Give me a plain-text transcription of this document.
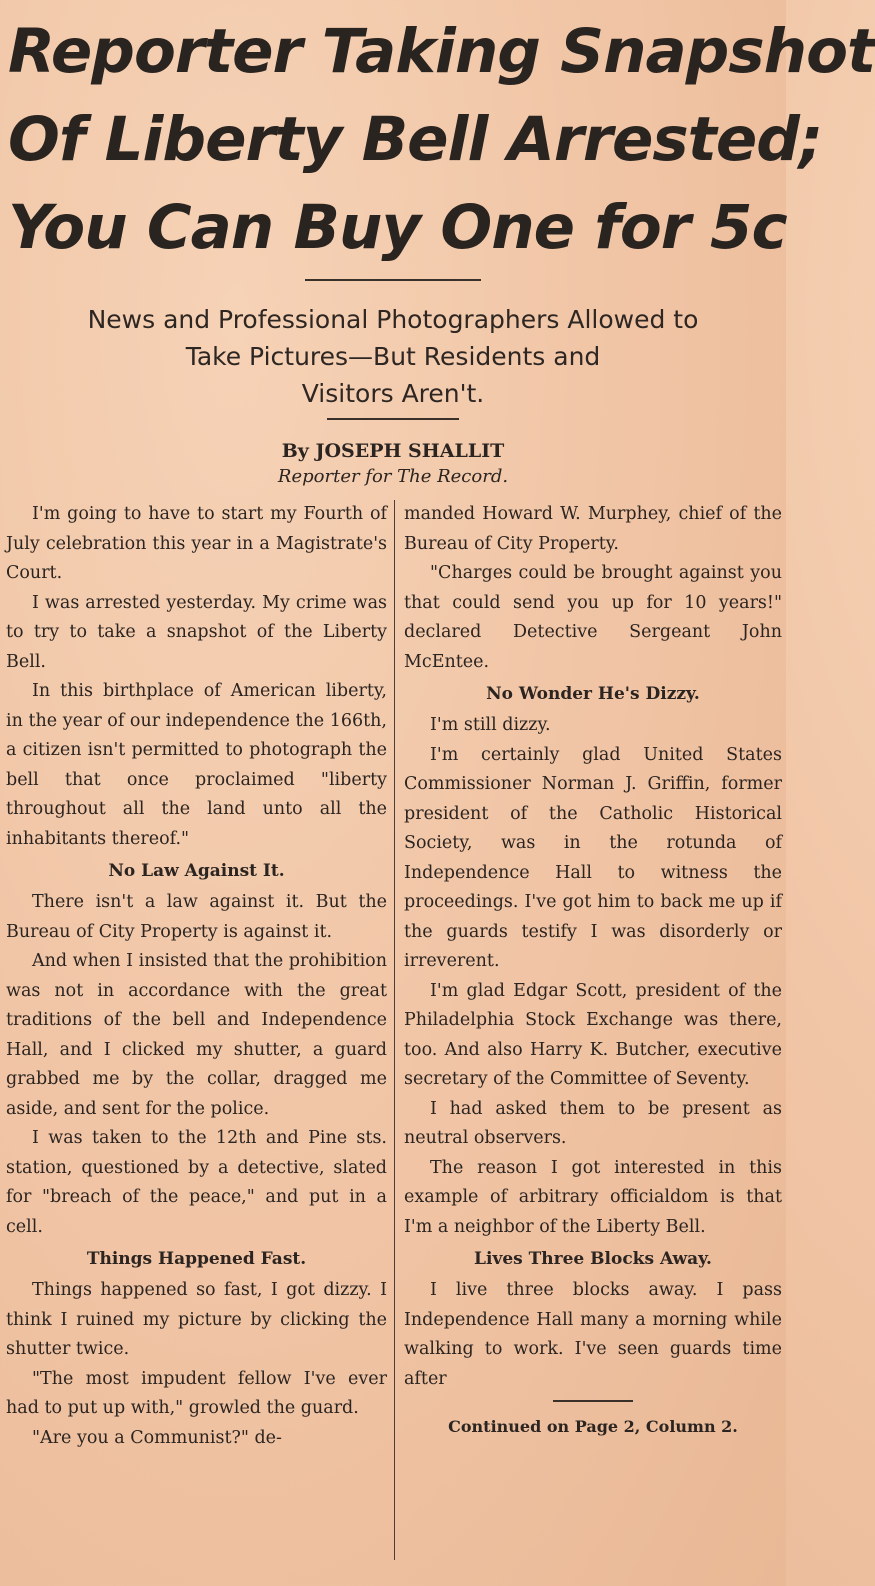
Reporter Taking Snapshot
Of Liberty Bell Arrested;
You Can Buy One for 5c
News and Professional Photographers Allowed to
Take Pictures—But Residents and
Visitors Aren't.
By JOSEPH SHALLIT
Reporter for The Record.

I'm going to have to start my Fourth of July celebration this year in a Magistrate's Court.

I was arrested yesterday. My crime was to try to take a snapshot of the Liberty Bell.

In this birthplace of American liberty, in the year of our independence the 166th, a citizen isn't permitted to photograph the bell that once proclaimed "liberty throughout all the land unto all the inhabitants thereof."

No Law Against It.

There isn't a law against it. But the Bureau of City Property is against it.

And when I insisted that the prohibition was not in accordance with the great traditions of the bell and Independence Hall, and I clicked my shutter, a guard grabbed me by the collar, dragged me aside, and sent for the police.

I was taken to the 12th and Pine sts. station, questioned by a detective, slated for "breach of the peace," and put in a cell.

Things Happened Fast.

Things happened so fast, I got dizzy. I think I ruined my picture by clicking the shutter twice.

"The most impudent fellow I've ever had to put up with," growled the guard.

"Are you a Communist?" de-

manded Howard W. Murphey, chief of the Bureau of City Property.

"Charges could be brought against you that could send you up for 10 years!" declared Detective Sergeant John McEntee.

No Wonder He's Dizzy.

I'm still dizzy.

I'm certainly glad United States Commissioner Norman J. Griffin, former president of the Catholic Historical Society, was in the rotunda of Independence Hall to witness the proceedings. I've got him to back me up if the guards testify I was disorderly or irreverent.

I'm glad Edgar Scott, president of the Philadelphia Stock Exchange was there, too. And also Harry K. Butcher, executive secretary of the Committee of Seventy.

I had asked them to be present as neutral observers.

The reason I got interested in this example of arbitrary officialdom is that I'm a neighbor of the Liberty Bell.

Lives Three Blocks Away.

I live three blocks away. I pass Independence Hall many a morning while walking to work. I've seen guards time after

Continued on Page 2, Column 2.
